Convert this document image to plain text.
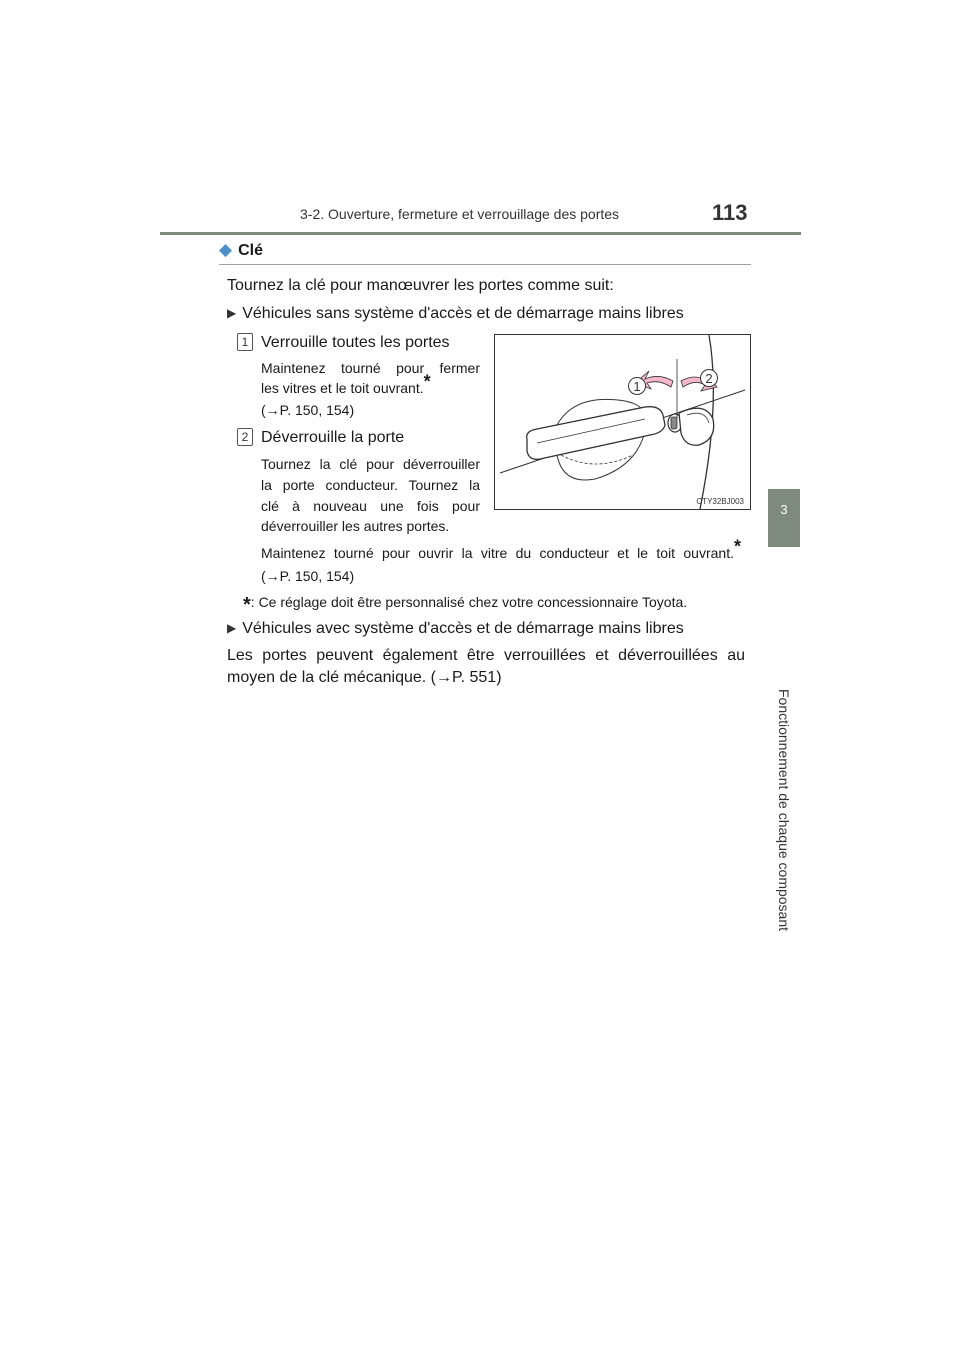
3-2. Ouverture, fermeture et verrouillage des portes	113
3
Fonctionnement de chaque composant
◆ Clé
Tournez la clé pour manœuvrer les portes comme suit:
▶ Véhicules sans système d'accès et de démarrage mains libres
1 Verrouille toutes les portes
Maintenez tourné pour fermer
les vitres et le toit ouvrant.*
(→P. 150, 154)
2 Déverrouille la porte
Tournez la clé pour déverrouiller
la porte conducteur. Tournez la
clé à nouveau une fois pour
déverrouiller les autres portes.
Maintenez tourné pour ouvrir la vitre du conducteur et le toit ouvrant.*
(→P. 150, 154)
*: Ce réglage doit être personnalisé chez votre concessionnaire Toyota.
▶ Véhicules avec système d'accès et de démarrage mains libres
Les portes peuvent également être verrouillées et déverrouillées au
moyen de la clé mécanique. (→P. 551)
1
2
CTY32BJ003
